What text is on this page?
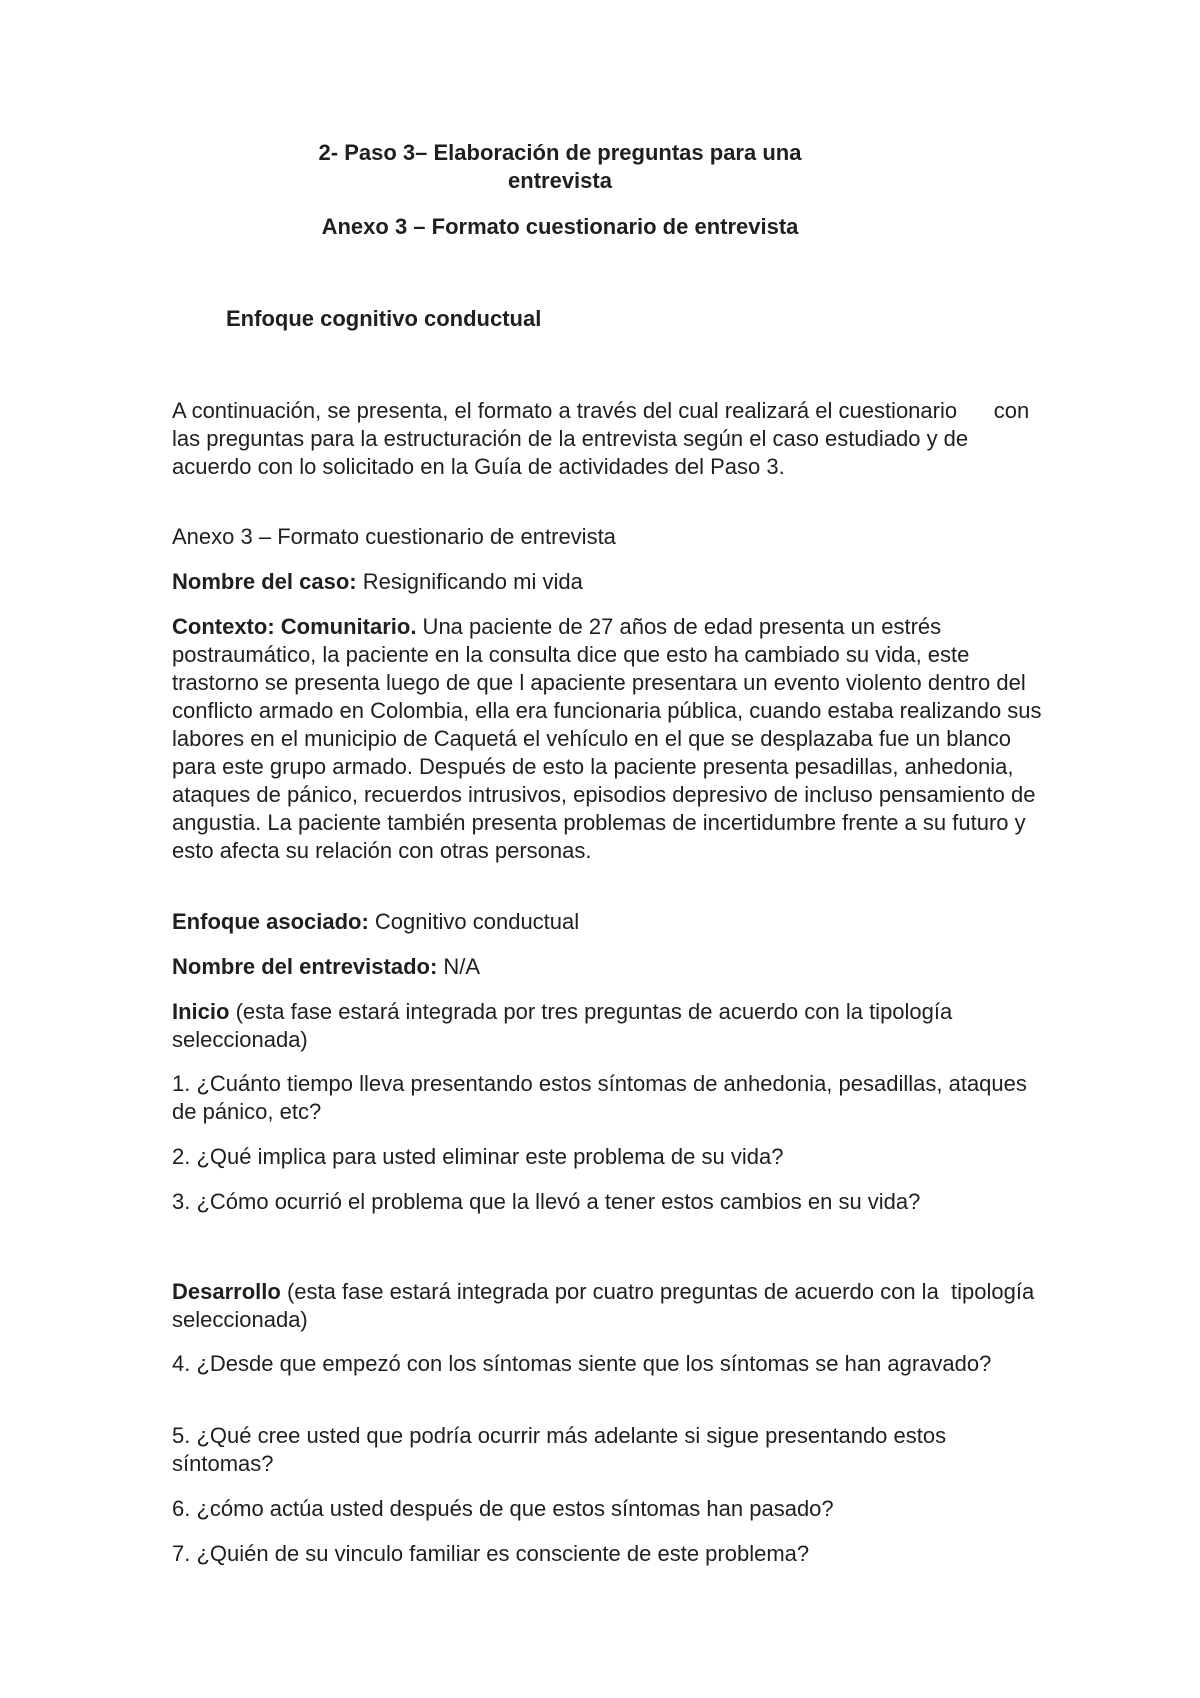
2- Paso 3– Elaboración de preguntas para una
entrevista
Anexo 3 – Formato cuestionario de entrevista
Enfoque cognitivo conductual
A continuación, se presenta, el formato a través del cual realizará el cuestionario      con las preguntas para la estructuración de la entrevista según el caso estudiado y de acuerdo con lo solicitado en la Guía de actividades del Paso 3.
Anexo 3 – Formato cuestionario de entrevista
Nombre del caso: Resignificando mi vida
Contexto: Comunitario. Una paciente de 27 años de edad presenta un estrés postraumático, la paciente en la consulta dice que esto ha cambiado su vida, este trastorno se presenta luego de que l apaciente presentara un evento violento dentro del conflicto armado en Colombia, ella era funcionaria pública, cuando estaba realizando sus labores en el municipio de Caquetá el vehículo en el que se desplazaba fue un blanco para este grupo armado. Después de esto la paciente presenta pesadillas, anhedonia, ataques de pánico, recuerdos intrusivos, episodios depresivo de incluso pensamiento de angustia. La paciente también presenta problemas de incertidumbre frente a su futuro y esto afecta su relación con otras personas.
Enfoque asociado: Cognitivo conductual
Nombre del entrevistado: N/A
Inicio (esta fase estará integrada por tres preguntas de acuerdo con la tipología   seleccionada)
1. ¿Cuánto tiempo lleva presentando estos síntomas de anhedonia, pesadillas, ataques de pánico, etc?
2. ¿Qué implica para usted eliminar este problema de su vida?
3. ¿Cómo ocurrió el problema que la llevó a tener estos cambios en su vida?
Desarrollo (esta fase estará integrada por cuatro preguntas de acuerdo con la  tipología seleccionada)
4. ¿Desde que empezó con los síntomas siente que los síntomas se han agravado?
5. ¿Qué cree usted que podría ocurrir más adelante si sigue presentando estos síntomas?
6. ¿cómo actúa usted después de que estos síntomas han pasado?
7. ¿Quién de su vinculo familiar es consciente de este problema?
